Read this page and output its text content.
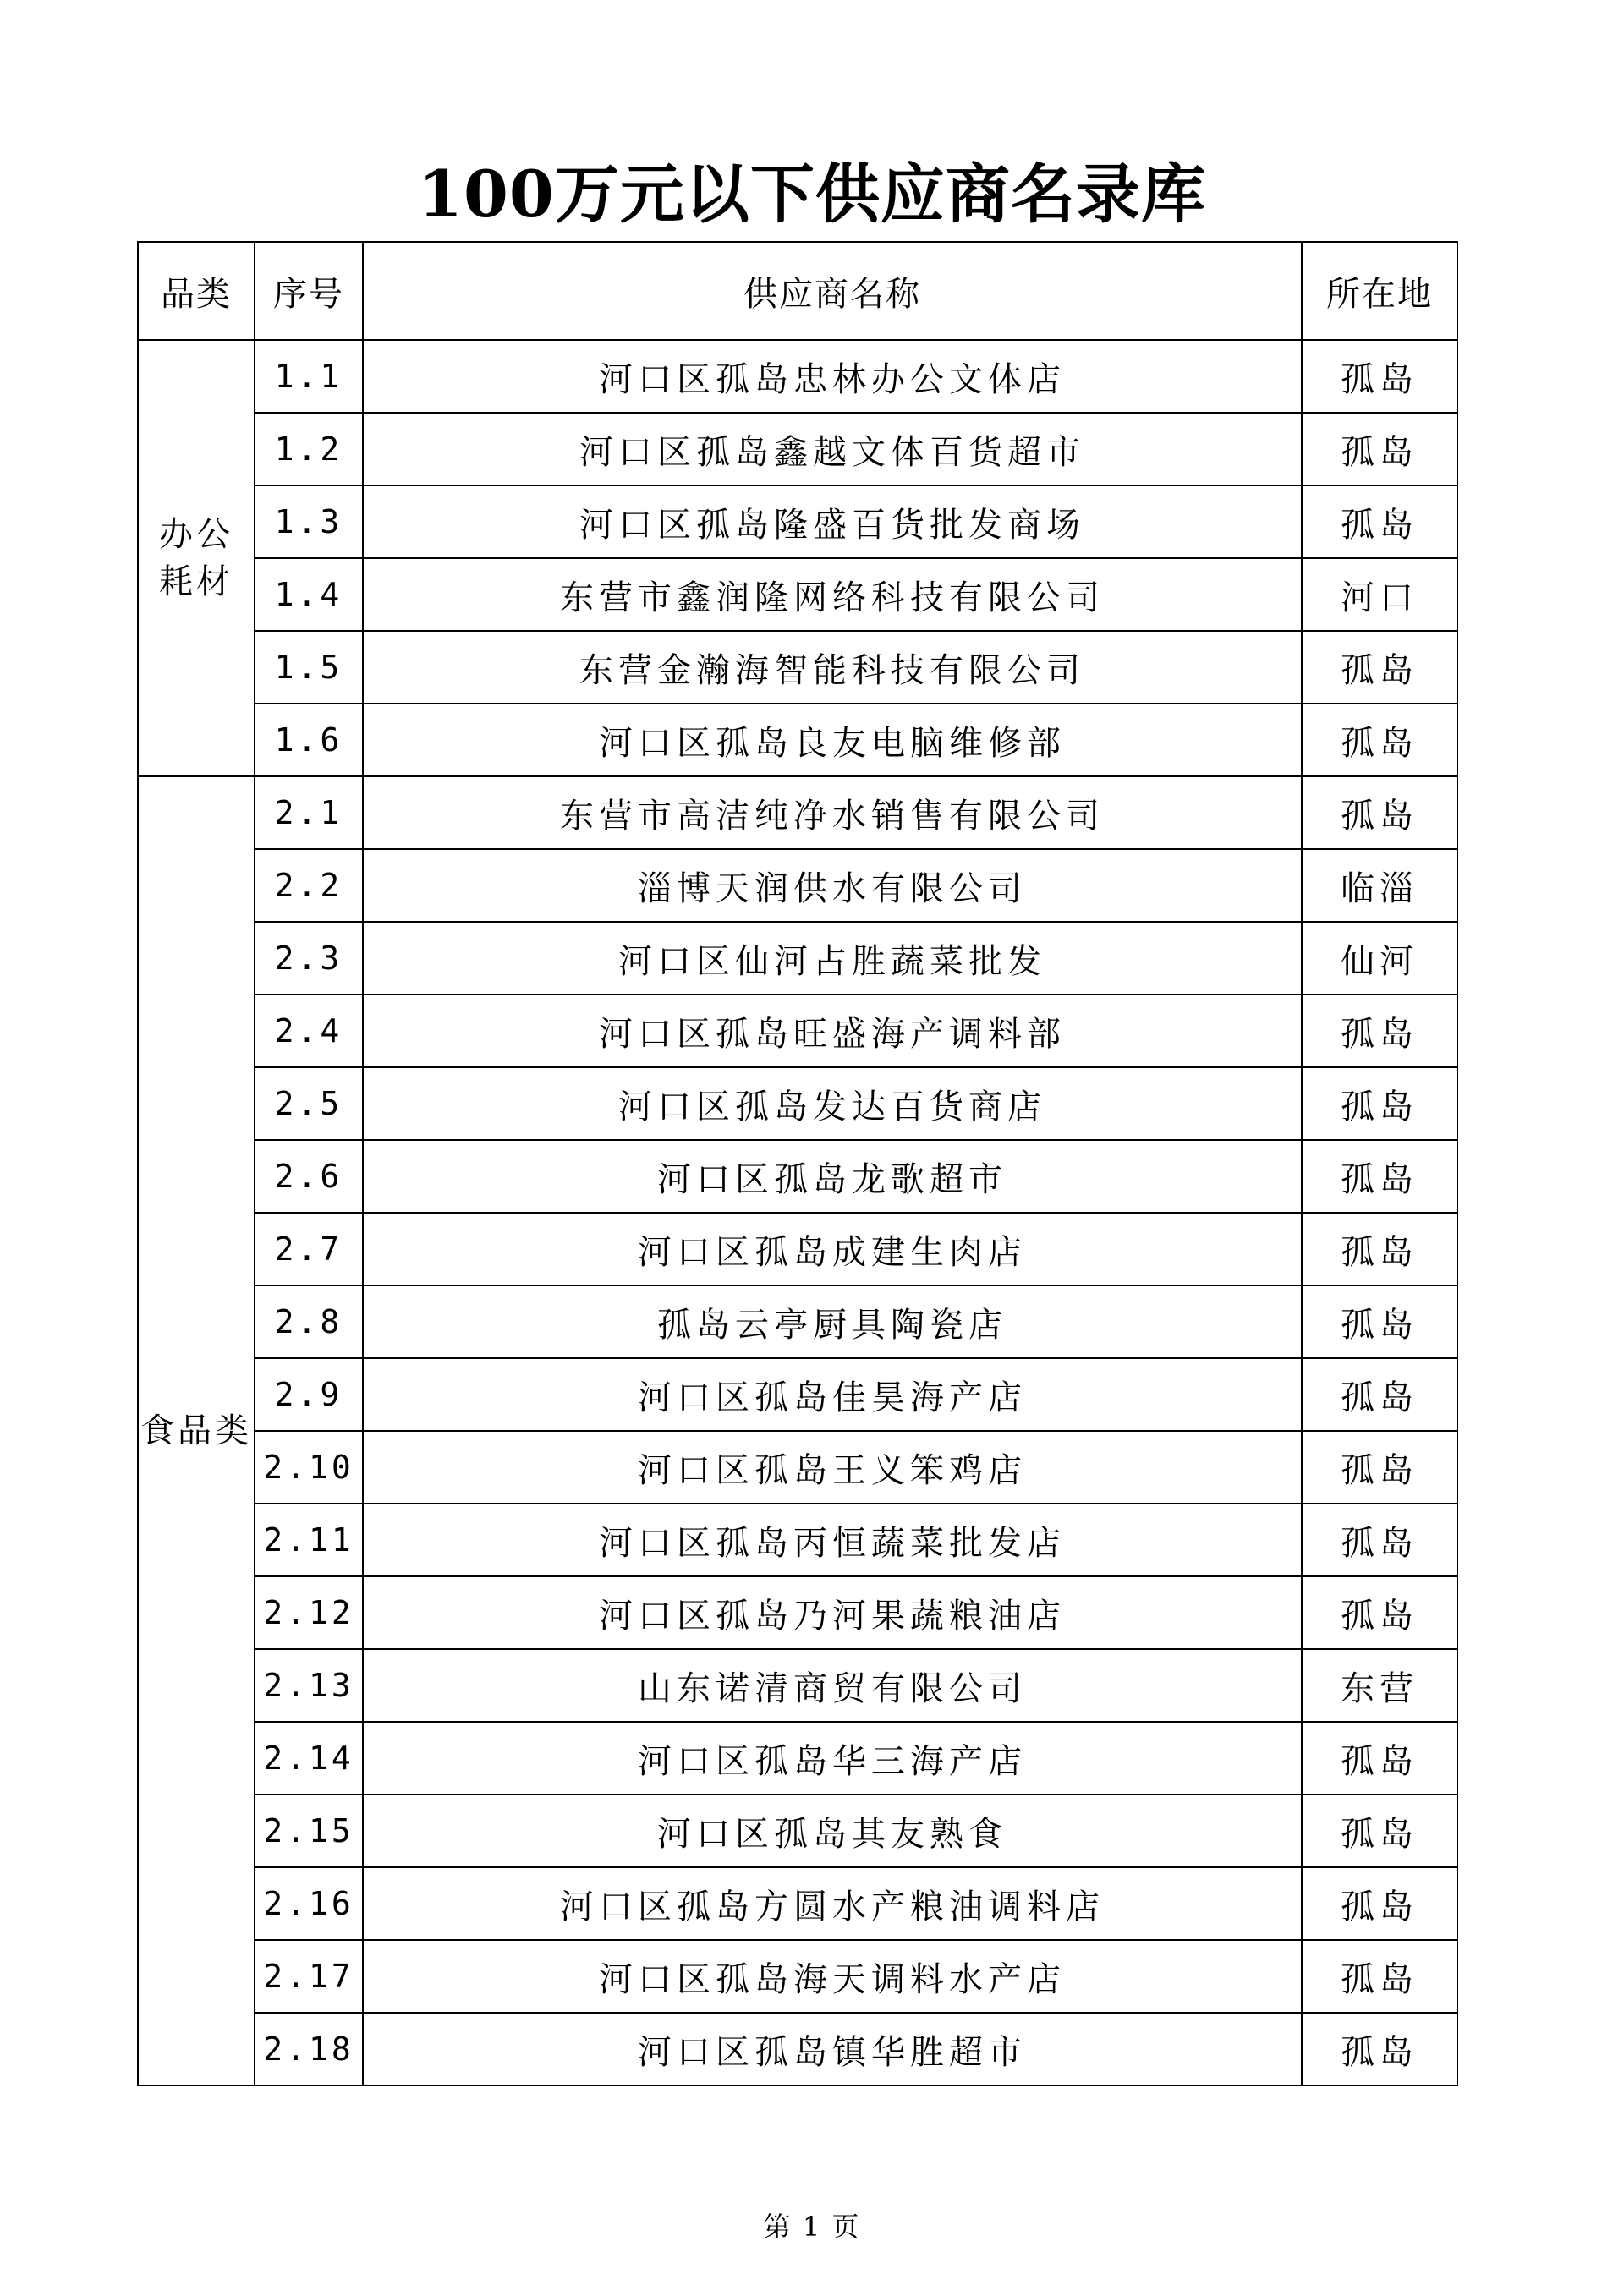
100万元以下供应商名录库
品类	序号	供应商名称	所在地
办公
耗材	1.1	河口区孤岛忠林办公文体店	孤岛
	1.2	河口区孤岛鑫越文体百货超市	孤岛
	1.3	河口区孤岛隆盛百货批发商场	孤岛
	1.4	东营市鑫润隆网络科技有限公司	河口
	1.5	东营金瀚海智能科技有限公司	孤岛
	1.6	河口区孤岛良友电脑维修部	孤岛
食品类	2.1	东营市高洁纯净水销售有限公司	孤岛
	2.2	淄博天润供水有限公司	临淄
	2.3	河口区仙河占胜蔬菜批发	仙河
	2.4	河口区孤岛旺盛海产调料部	孤岛
	2.5	河口区孤岛发达百货商店	孤岛
	2.6	河口区孤岛龙歌超市	孤岛
	2.7	河口区孤岛成建生肉店	孤岛
	2.8	孤岛云亭厨具陶瓷店	孤岛
	2.9	河口区孤岛佳昊海产店	孤岛
	2.10	河口区孤岛王义笨鸡店	孤岛
	2.11	河口区孤岛丙恒蔬菜批发店	孤岛
	2.12	河口区孤岛乃河果蔬粮油店	孤岛
	2.13	山东诺清商贸有限公司	东营
	2.14	河口区孤岛华三海产店	孤岛
	2.15	河口区孤岛其友熟食	孤岛
	2.16	河口区孤岛方圆水产粮油调料店	孤岛
	2.17	河口区孤岛海天调料水产店	孤岛
	2.18	河口区孤岛镇华胜超市	孤岛
第 1 页
